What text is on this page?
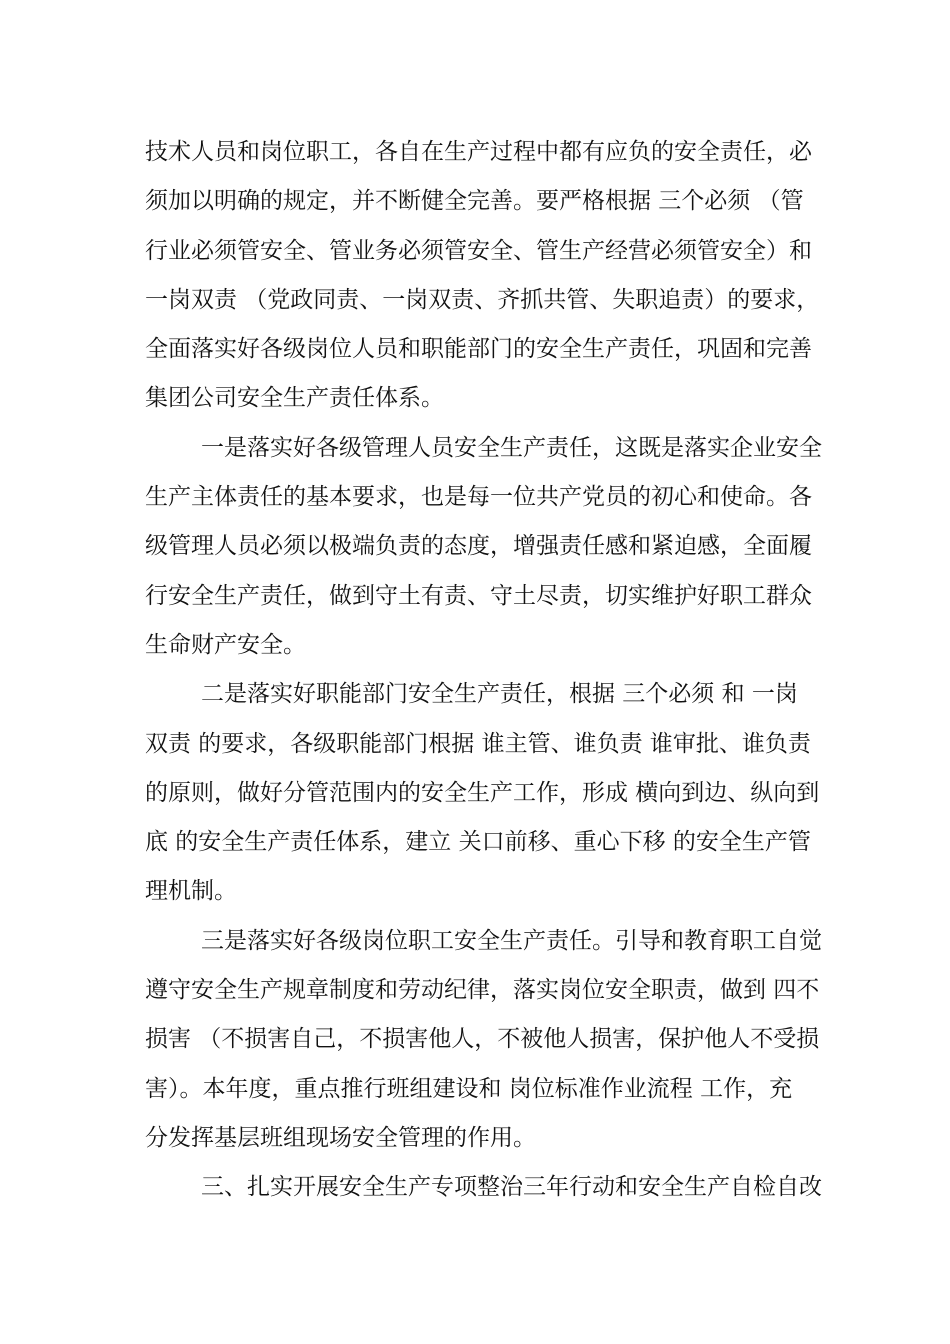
技术人员和岗位职工，各自在生产过程中都有应负的安全责任，必
须加以明确的规定，并不断健全完善。要严格根据 三个必须 （管
行业必须管安全、管业务必须管安全、管生产经营必须管安全）和
一岗双责 （党政同责、一岗双责、齐抓共管、失职追责）的要求，
全面落实好各级岗位人员和职能部门的安全生产责任，巩固和完善
集团公司安全生产责任体系。
一是落实好各级管理人员安全生产责任，这既是落实企业安全
生产主体责任的基本要求，也是每一位共产党员的初心和使命。各
级管理人员必须以极端负责的态度，增强责任感和紧迫感，全面履
行安全生产责任，做到守土有责、守土尽责，切实维护好职工群众
生命财产安全。
二是落实好职能部门安全生产责任，根据 三个必须 和 一岗
双责 的要求，各级职能部门根据 谁主管、谁负责 谁审批、谁负责
的原则，做好分管范围内的安全生产工作，形成 横向到边、纵向到
底 的安全生产责任体系，建立 关口前移、重心下移 的安全生产管
理机制。
三是落实好各级岗位职工安全生产责任。引导和教育职工自觉
遵守安全生产规章制度和劳动纪律，落实岗位安全职责，做到 四不
损害 （不损害自己，不损害他人，不被他人损害，保护他人不受损
害）。本年度，重点推行班组建设和 岗位标准作业流程 工作，充
分发挥基层班组现场安全管理的作用。
三、扎实开展安全生产专项整治三年行动和安全生产自检自改
